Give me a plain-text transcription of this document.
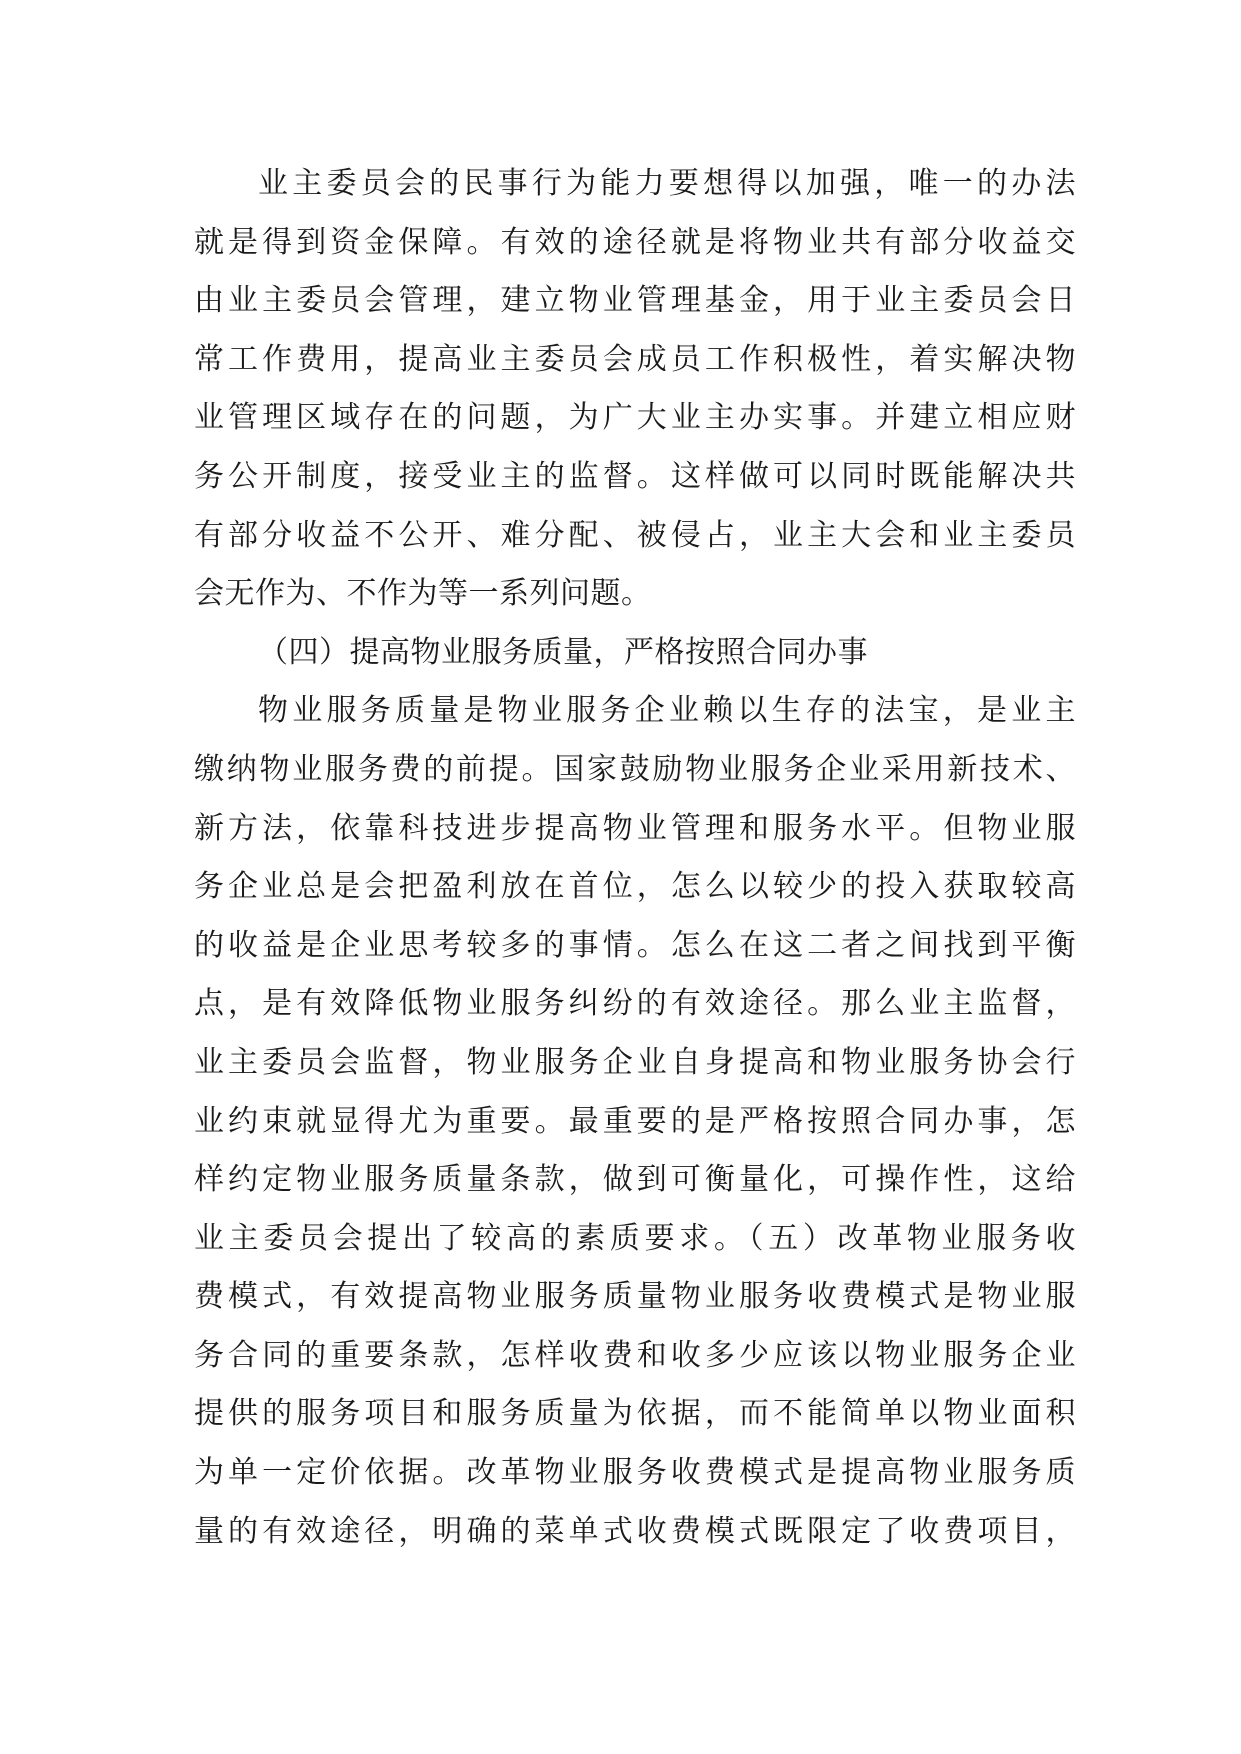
业主委员会的民事行为能力要想得以加强，唯一的办法
就是得到资金保障。有效的途径就是将物业共有部分收益交
由业主委员会管理，建立物业管理基金，用于业主委员会日
常工作费用，提高业主委员会成员工作积极性，着实解决物
业管理区域存在的问题，为广大业主办实事。并建立相应财
务公开制度，接受业主的监督。这样做可以同时既能解决共
有部分收益不公开、难分配、被侵占，业主大会和业主委员
会无作为、不作为等一系列问题。
（四）提高物业服务质量，严格按照合同办事
物业服务质量是物业服务企业赖以生存的法宝，是业主
缴纳物业服务费的前提。国家鼓励物业服务企业采用新技术、
新方法，依靠科技进步提高物业管理和服务水平。但物业服
务企业总是会把盈利放在首位，怎么以较少的投入获取较高
的收益是企业思考较多的事情。怎么在这二者之间找到平衡
点，是有效降低物业服务纠纷的有效途径。那么业主监督，
业主委员会监督，物业服务企业自身提高和物业服务协会行
业约束就显得尤为重要。最重要的是严格按照合同办事，怎
样约定物业服务质量条款，做到可衡量化，可操作性，这给
业主委员会提出了较高的素质要求。（五）改革物业服务收
费模式，有效提高物业服务质量物业服务收费模式是物业服
务合同的重要条款，怎样收费和收多少应该以物业服务企业
提供的服务项目和服务质量为依据，而不能简单以物业面积
为单一定价依据。改革物业服务收费模式是提高物业服务质
量的有效途径，明确的菜单式收费模式既限定了收费项目，
